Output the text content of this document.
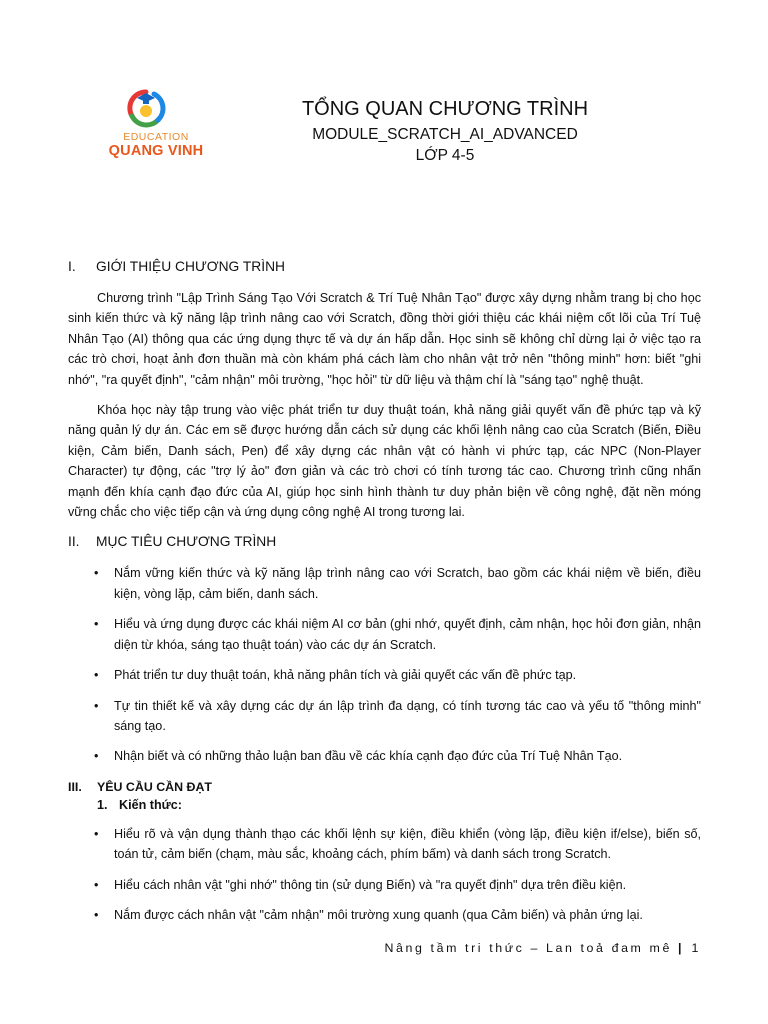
EDUCATION
QUANG VINH
TỔNG QUAN CHƯƠNG TRÌNH
MODULE_SCRATCH_AI_ADVANCED
LỚP 4-5
I.	GIỚI THIỆU CHƯƠNG TRÌNH

Chương trình "Lập Trình Sáng Tạo Với Scratch & Trí Tuệ Nhân Tạo" được xây dựng nhằm trang bị cho học sinh kiến thức và kỹ năng lập trình nâng cao với Scratch, đồng thời giới thiệu các khái niệm cốt lõi của Trí Tuệ Nhân Tạo (AI) thông qua các ứng dụng thực tế và dự án hấp dẫn. Học sinh sẽ không chỉ dừng lại ở việc tạo ra các trò chơi, hoạt ảnh đơn thuần mà còn khám phá cách làm cho nhân vật trở nên "thông minh" hơn: biết "ghi nhớ", "ra quyết định", "cảm nhận" môi trường, "học hỏi" từ dữ liệu và thậm chí là "sáng tạo" nghệ thuật.

Khóa học này tập trung vào việc phát triển tư duy thuật toán, khả năng giải quyết vấn đề phức tạp và kỹ năng quản lý dự án. Các em sẽ được hướng dẫn cách sử dụng các khối lệnh nâng cao của Scratch (Biến, Điều kiện, Cảm biến, Danh sách, Pen) để xây dựng các nhân vật có hành vi phức tạp, các NPC (Non-Player Character) tự động, các "trợ lý ảo" đơn giản và các trò chơi có tính tương tác cao. Chương trình cũng nhấn mạnh đến khía cạnh đạo đức của AI, giúp học sinh hình thành tư duy phản biện về công nghệ, đặt nền móng vững chắc cho việc tiếp cận và ứng dụng công nghệ AI trong tương lai.

II.	MỤC TIÊU CHƯƠNG TRÌNH
• Nắm vững kiến thức và kỹ năng lập trình nâng cao với Scratch, bao gồm các khái niệm về biến, điều kiện, vòng lặp, cảm biến, danh sách.
• Hiểu và ứng dụng được các khái niệm AI cơ bản (ghi nhớ, quyết định, cảm nhận, học hỏi đơn giản, nhận diện từ khóa, sáng tạo thuật toán) vào các dự án Scratch.
• Phát triển tư duy thuật toán, khả năng phân tích và giải quyết các vấn đề phức tạp.
• Tự tin thiết kế và xây dựng các dự án lập trình đa dạng, có tính tương tác cao và yếu tố "thông minh" sáng tạo.
• Nhận biết và có những thảo luận ban đầu về các khía cạnh đạo đức của Trí Tuệ Nhân Tạo.
III.	YÊU CẦU CẦN ĐẠT
1. Kiến thức:
• Hiểu rõ và vận dụng thành thạo các khối lệnh sự kiện, điều khiển (vòng lặp, điều kiện if/else), biến số, toán tử, cảm biến (chạm, màu sắc, khoảng cách, phím bấm) và danh sách trong Scratch.
• Hiểu cách nhân vật "ghi nhớ" thông tin (sử dụng Biến) và "ra quyết định" dựa trên điều kiện.
• Nắm được cách nhân vật "cảm nhận" môi trường xung quanh (qua Cảm biến) và phản ứng lại.
Nâng tầm tri thức – Lan toả đam mê | 1
